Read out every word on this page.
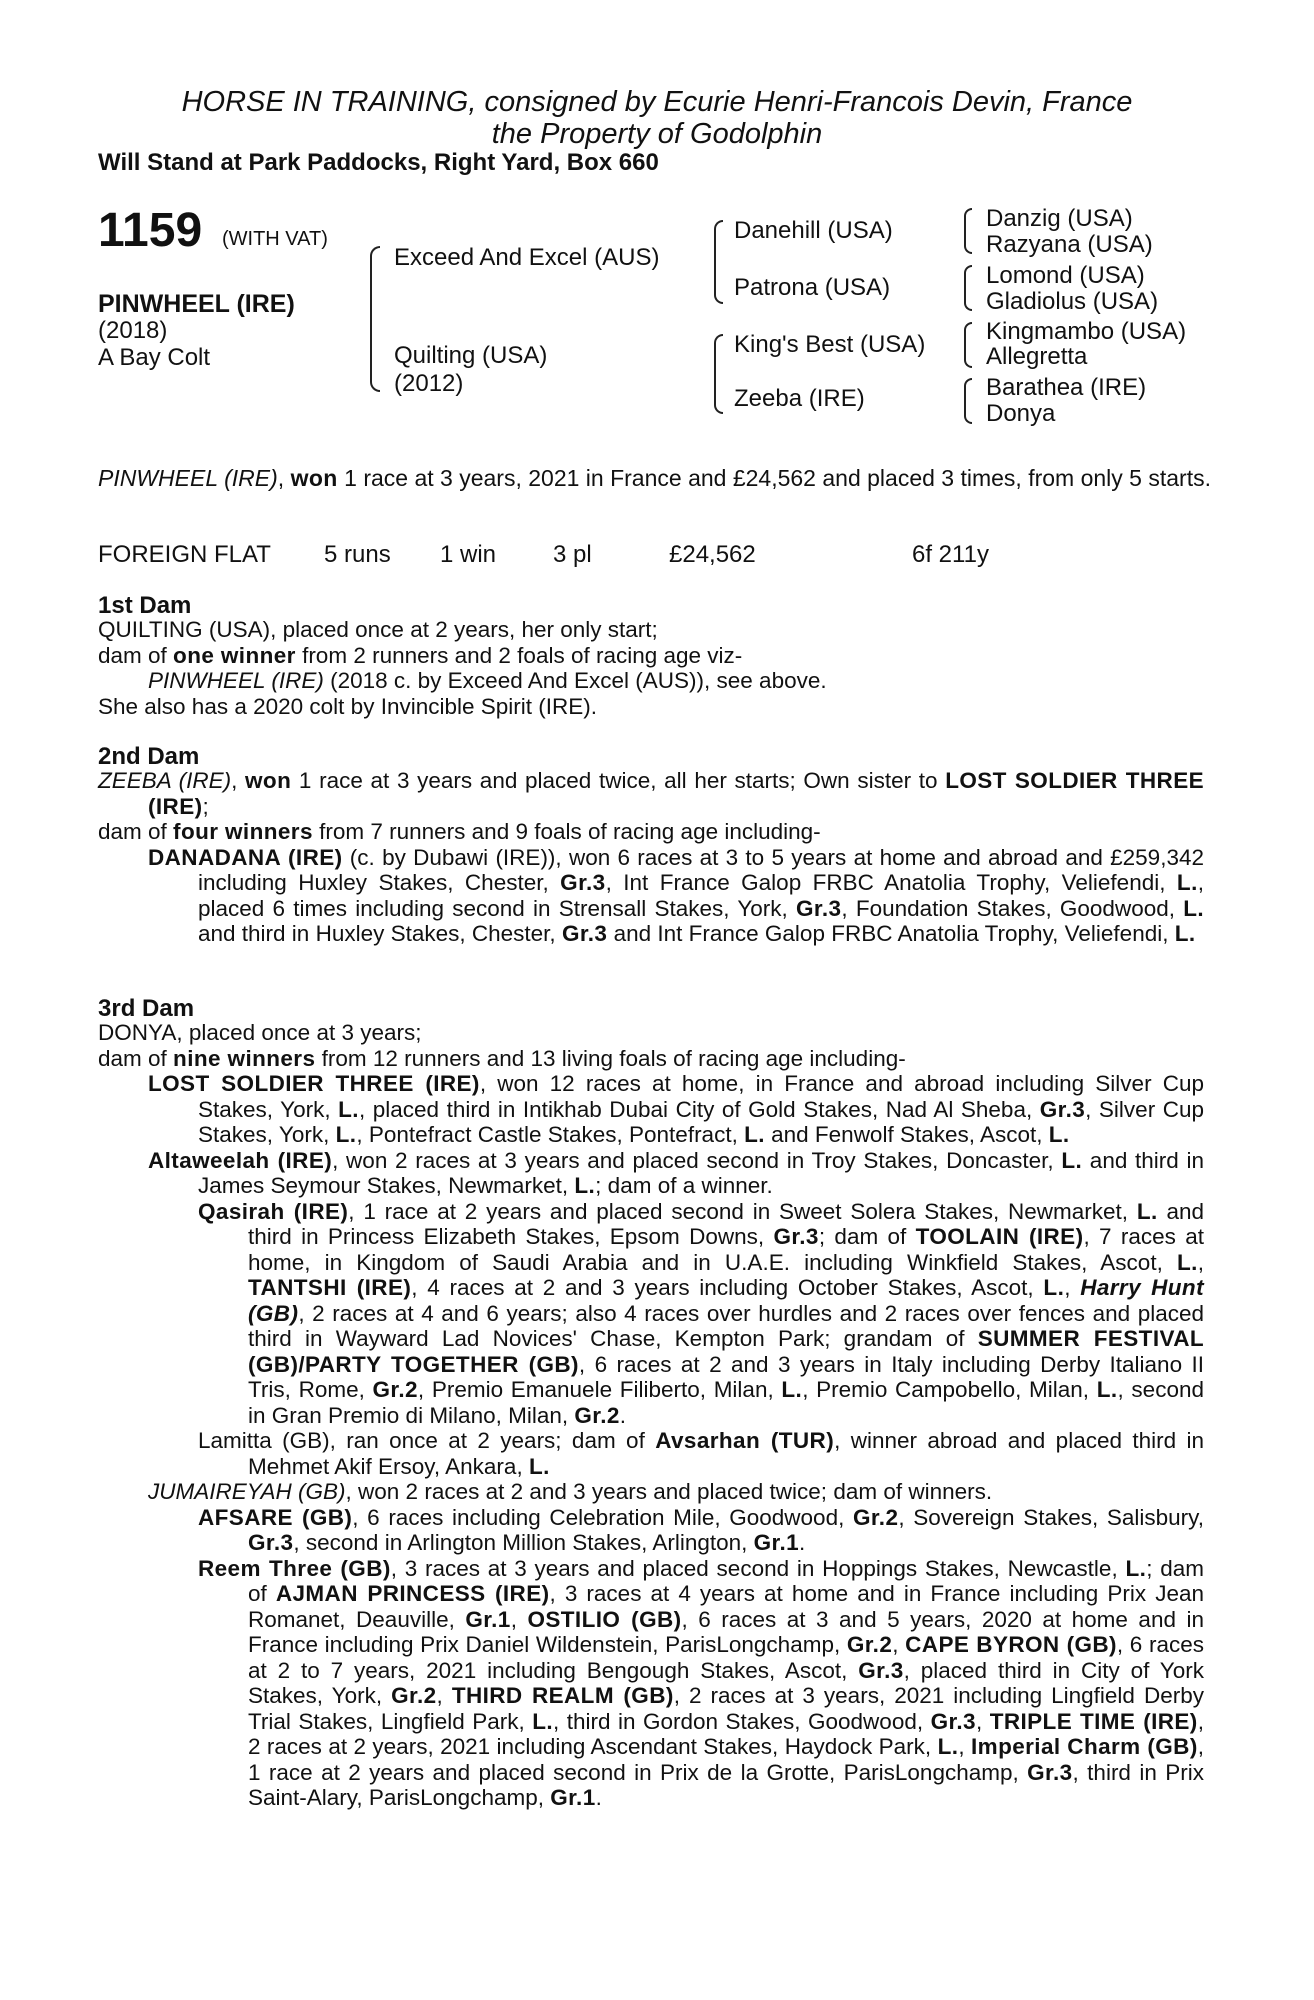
HORSE IN TRAINING, consigned by Ecurie Henri-Francois Devin, France
the Property of Godolphin
Will Stand at Park Paddocks, Right Yard, Box 660
1159 (WITH VAT)
PINWHEEL (IRE)
(2018)
A Bay Colt
Exceed And Excel (AUS)
Quilting (USA)
(2012)
Danehill (USA)
Patrona (USA)
King's Best (USA)
Zeeba (IRE)
Danzig (USA)
Razyana (USA)
Lomond (USA)
Gladiolus (USA)
Kingmambo (USA)
Allegretta
Barathea (IRE)
Donya
PINWHEEL (IRE), won 1 race at 3 years, 2021 in France and £24,562 and placed 3 times, from only 5 starts.
FOREIGN FLAT 5 runs 1 win 3 pl	£24,562	6f 211y
1st Dam

QUILTING (USA), placed once at 2 years, her only start;

dam of one winner from 2 runners and 2 foals of racing age viz-

PINWHEEL (IRE) (2018 c. by Exceed And Excel (AUS)), see above.

She also has a 2020 colt by Invincible Spirit (IRE).

2nd Dam

ZEEBA (IRE), won 1 race at 3 years and placed twice, all her starts; Own sister to LOST SOLDIER THREE (IRE);

dam of four winners from 7 runners and 9 foals of racing age including-

DANADANA (IRE) (c. by Dubawi (IRE)), won 6 races at 3 to 5 years at home and abroad and £259,342 including Huxley Stakes, Chester, Gr.3, Int France Galop FRBC Anatolia Trophy, Veliefendi, L., placed 6 times including second in Strensall Stakes, York, Gr.3, Foundation Stakes, Goodwood, L. and third in Huxley Stakes, Chester, Gr.3 and Int France Galop FRBC Anatolia Trophy, Veliefendi, L.

3rd Dam

DONYA, placed once at 3 years;

dam of nine winners from 12 runners and 13 living foals of racing age including-

LOST SOLDIER THREE (IRE), won 12 races at home, in France and abroad including Silver Cup Stakes, York, L., placed third in Intikhab Dubai City of Gold Stakes, Nad Al Sheba, Gr.3, Silver Cup Stakes, York, L., Pontefract Castle Stakes, Pontefract, L. and Fenwolf Stakes, Ascot, L.

Altaweelah (IRE), won 2 races at 3 years and placed second in Troy Stakes, Doncaster, L. and third in James Seymour Stakes, Newmarket, L.; dam of a winner.

Qasirah (IRE), 1 race at 2 years and placed second in Sweet Solera Stakes, Newmarket, L. and third in Princess Elizabeth Stakes, Epsom Downs, Gr.3; dam of TOOLAIN (IRE), 7 races at home, in Kingdom of Saudi Arabia and in U.A.E. including Winkfield Stakes, Ascot, L., TANTSHI (IRE), 4 races at 2 and 3 years including October Stakes, Ascot, L., Harry Hunt (GB), 2 races at 4 and 6 years; also 4 races over hurdles and 2 races over fences and placed third in Wayward Lad Novices' Chase, Kempton Park; grandam of SUMMER FESTIVAL (GB)/PARTY TOGETHER (GB), 6 races at 2 and 3 years in Italy including Derby Italiano II Tris, Rome, Gr.2, Premio Emanuele Filiberto, Milan, L., Premio Campobello, Milan, L., second in Gran Premio di Milano, Milan, Gr.2.

Lamitta (GB), ran once at 2 years; dam of Avsarhan (TUR), winner abroad and placed third in Mehmet Akif Ersoy, Ankara, L.

JUMAIREYAH (GB), won 2 races at 2 and 3 years and placed twice; dam of winners.

AFSARE (GB), 6 races including Celebration Mile, Goodwood, Gr.2, Sovereign Stakes, Salisbury, Gr.3, second in Arlington Million Stakes, Arlington, Gr.1.

Reem Three (GB), 3 races at 3 years and placed second in Hoppings Stakes, Newcastle, L.; dam of AJMAN PRINCESS (IRE), 3 races at 4 years at home and in France including Prix Jean Romanet, Deauville, Gr.1, OSTILIO (GB), 6 races at 3 and 5 years, 2020 at home and in France including Prix Daniel Wildenstein, ParisLongchamp, Gr.2, CAPE BYRON (GB), 6 races at 2 to 7 years, 2021 including Bengough Stakes, Ascot, Gr.3, placed third in City of York Stakes, York, Gr.2, THIRD REALM (GB), 2 races at 3 years, 2021 including Lingfield Derby Trial Stakes, Lingfield Park, L., third in Gordon Stakes, Goodwood, Gr.3, TRIPLE TIME (IRE), 2 races at 2 years, 2021 including Ascendant Stakes, Haydock Park, L., Imperial Charm (GB), 1 race at 2 years and placed second in Prix de la Grotte, ParisLongchamp, Gr.3, third in Prix Saint-Alary, ParisLongchamp, Gr.1.
